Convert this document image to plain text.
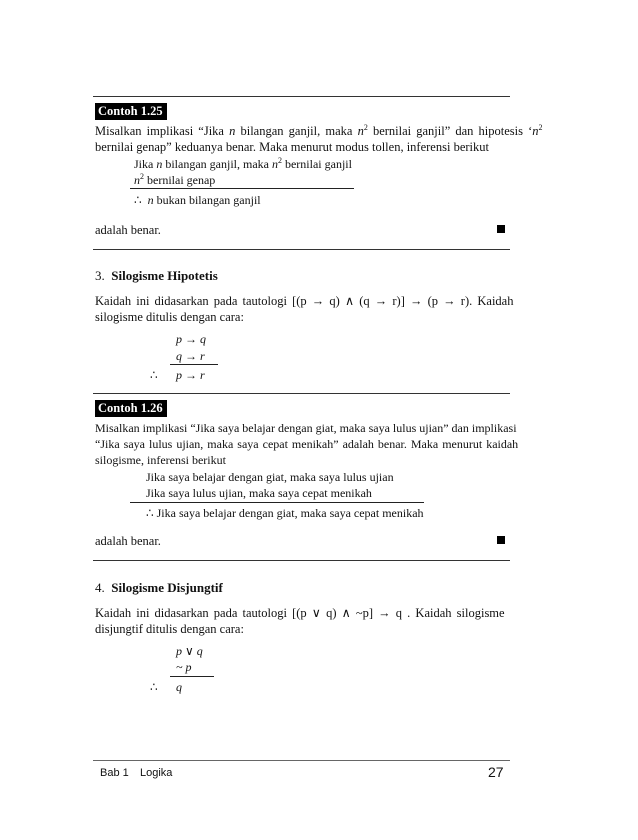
Contoh 1.25
Misalkan implikasi “Jika n bilangan ganjil, maka $n^2$ bernilai ganjil” dan hipotesis ‘$n^2$
bernilai genap” keduanya benar. Maka menurut modus tollen, inferensi berikut
Jika n bilangan ganjil, maka $n^2$ bernilai ganjil
$n^2$ bernilai genap
∴ n bukan bilangan ganjil
adalah benar.
3. Silogisme Hipotetis
Kaidah ini didasarkan pada tautologi [(p → q) ∧ (q → r)] → (p → r). Kaidah
silogisme ditulis dengan cara:
p → q
q → r
∴ p → r
Contoh 1.26
Misalkan implikasi “Jika saya belajar dengan giat, maka saya lulus ujian” dan implikasi
“Jika saya lulus ujian, maka saya cepat menikah” adalah benar. Maka menurut kaidah
silogisme, inferensi berikut
Jika saya belajar dengan giat, maka saya lulus ujian
Jika saya lulus ujian, maka saya cepat menikah
∴ Jika saya belajar dengan giat, maka saya cepat menikah
adalah benar.
4. Silogisme Disjungtif
Kaidah ini didasarkan pada tautologi [(p ∨ q) ∧ ~p] → q . Kaidah silogisme
disjungtif ditulis dengan cara:
p ∨ q
~ p
∴ q
Bab 1 Logika	27
